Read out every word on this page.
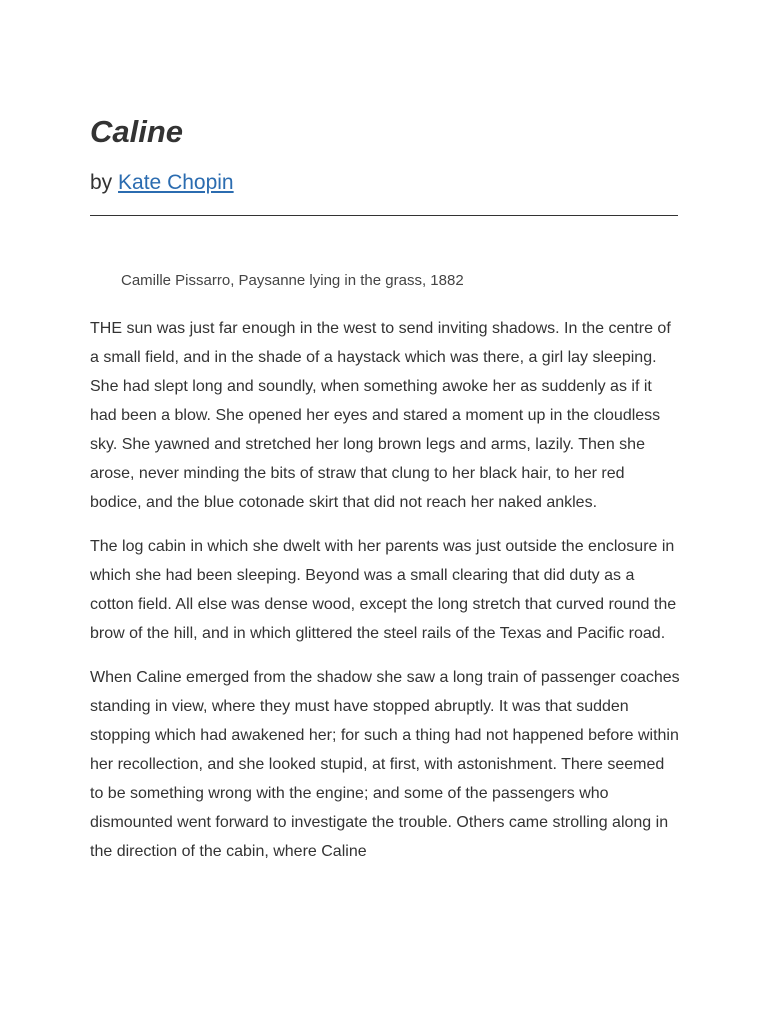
Caline
by Kate Chopin
Camille Pissarro, Paysanne lying in the grass, 1882

THE sun was just far enough in the west to send inviting shadows. In the centre of a small field, and in the shade of a haystack which was there, a girl lay sleeping. She had slept long and soundly, when something awoke her as suddenly as if it had been a blow. She opened her eyes and stared a moment up in the cloudless sky. She yawned and stretched her long brown legs and arms, lazily. Then she arose, never minding the bits of straw that clung to her black hair, to her red bodice, and the blue cotonade skirt that did not reach her naked ankles.

The log cabin in which she dwelt with her parents was just outside the enclosure in which she had been sleeping. Beyond was a small clearing that did duty as a cotton field. All else was dense wood, except the long stretch that curved round the brow of the hill, and in which glittered the steel rails of the Texas and Pacific road.

When Caline emerged from the shadow she saw a long train of passenger coaches standing in view, where they must have stopped abruptly. It was that sudden stopping which had awakened her; for such a thing had not happened before within her recollection, and she looked stupid, at first, with astonishment. There seemed to be something wrong with the engine; and some of the passengers who dismounted went forward to investigate the trouble. Others came strolling along in the direction of the cabin, where Caline
